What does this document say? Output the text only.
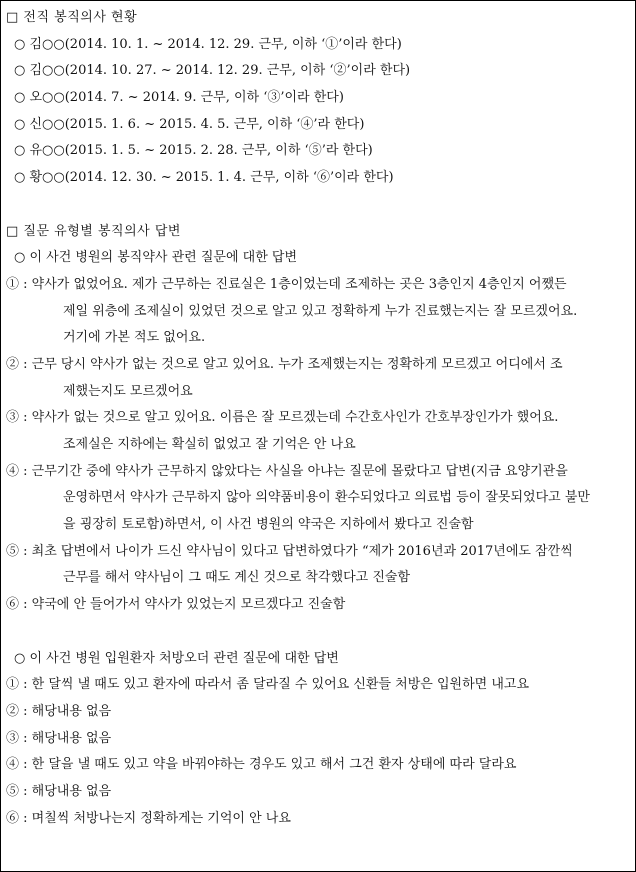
□ 전직 봉직의사 현황
○ 김○○(2014. 10. 1. ~ 2014. 12. 29. 근무, 이하 ‘①’이라 한다)
○ 김○○(2014. 10. 27. ~ 2014. 12. 29. 근무, 이하 ‘②’이라 한다)
○ 오○○(2014. 7. ~ 2014. 9. 근무, 이하 ‘③’이라 한다)
○ 신○○(2015. 1. 6. ~ 2015. 4. 5. 근무, 이하 ‘④’라 한다)
○ 유○○(2015. 1. 5. ~ 2015. 2. 28. 근무, 이하 ‘⑤’라 한다)
○ 황○○(2014. 12. 30. ~ 2015. 1. 4. 근무, 이하 ‘⑥’이라 한다)
□ 질문 유형별 봉직의사 답변
○ 이 사건 병원의 봉직약사 관련 질문에 대한 답변
① : 약사가 없었어요. 제가 근무하는 진료실은 1층이었는데 조제하는 곳은 3층인지 4층인지 어쨌든
제일 위층에 조제실이 있었던 것으로 알고 있고 정확하게 누가 진료했는지는 잘 모르겠어요.
거기에 가본 적도 없어요.
② : 근무 당시 약사가 없는 것으로 알고 있어요. 누가 조제했는지는 정확하게 모르겠고 어디에서 조
제했는지도 모르겠어요
③ : 약사가 없는 것으로 알고 있어요. 이름은 잘 모르겠는데 수간호사인가 간호부장인가가 했어요.
조제실은 지하에는 확실히 없었고 잘 기억은 안 나요
④ : 근무기간 중에 약사가 근무하지 않았다는 사실을 아냐는 질문에 몰랐다고 답변(지금 요양기관을
운영하면서 약사가 근무하지 않아 의약품비용이 환수되었다고 의료법 등이 잘못되었다고 불만
을 굉장히 토로함)하면서, 이 사건 병원의 약국은 지하에서 봤다고 진술함
⑤ : 최초 답변에서 나이가 드신 약사님이 있다고 답변하였다가 “제가 2016년과 2017년에도 잠깐씩
근무를 해서 약사님이 그 때도 계신 것으로 착각했다고 진술함
⑥ : 약국에 안 들어가서 약사가 있었는지 모르겠다고 진술함
○ 이 사건 병원 입원환자 처방오더 관련 질문에 대한 답변
① : 한 달씩 낼 때도 있고 환자에 따라서 좀 달라질 수 있어요 신환들 처방은 입원하면 내고요
② : 해당내용 없음
③ : 해당내용 없음
④ : 한 달을 낼 때도 있고 약을 바꿔야하는 경우도 있고 해서 그건 환자 상태에 따라 달라요
⑤ : 해당내용 없음
⑥ : 며칠씩 처방나는지 정확하게는 기억이 안 나요
